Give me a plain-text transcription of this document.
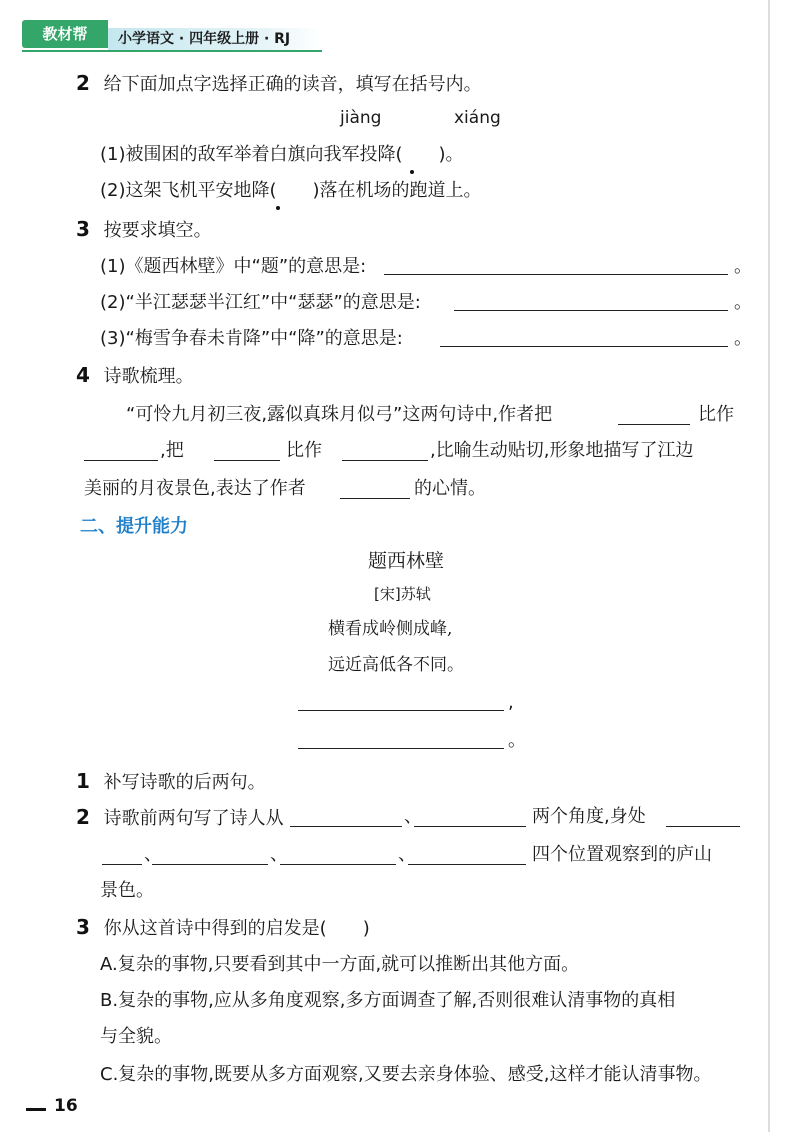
教材帮	小学语文 · 四年级上册 · RJ
2 给下面加点字选择正确的读音，填写在括号内。
jiàng	xiáng
(1)被围困的敌军举着白旗向我军投降( )。
(2)这架飞机平安地降( )落在机场的跑道上。
3 按要求填空。
(1)《题西林壁》中“题”的意思是:	。
(2)“半江瑟瑟半江红”中“瑟瑟”的意思是:	。
(3)“梅雪争春未肯降”中“降”的意思是:	。
4 诗歌梳理。
“可怜九月初三夜,露似真珠月似弓”这两句诗中,作者把	比作
,把	比作	,比喻生动贴切,形象地描写了江边
美丽的月夜景色,表达了作者	的心情。
二、提升能力
题西林壁
[宋]苏轼
横看成岭侧成峰,
远近高低各不同。
,
。
1 补写诗歌的后两句。
2 诗歌前两句写了诗人从	、	两个角度,身处
、	、	、	四个位置观察到的庐山
景色。
3 你从这首诗中得到的启发是( )
A.复杂的事物,只要看到其中一方面,就可以推断出其他方面。
B.复杂的事物,应从多角度观察,多方面调查了解,否则很难认清事物的真相
与全貌。
C.复杂的事物,既要从多方面观察,又要去亲身体验、感受,这样才能认清事物。
16
